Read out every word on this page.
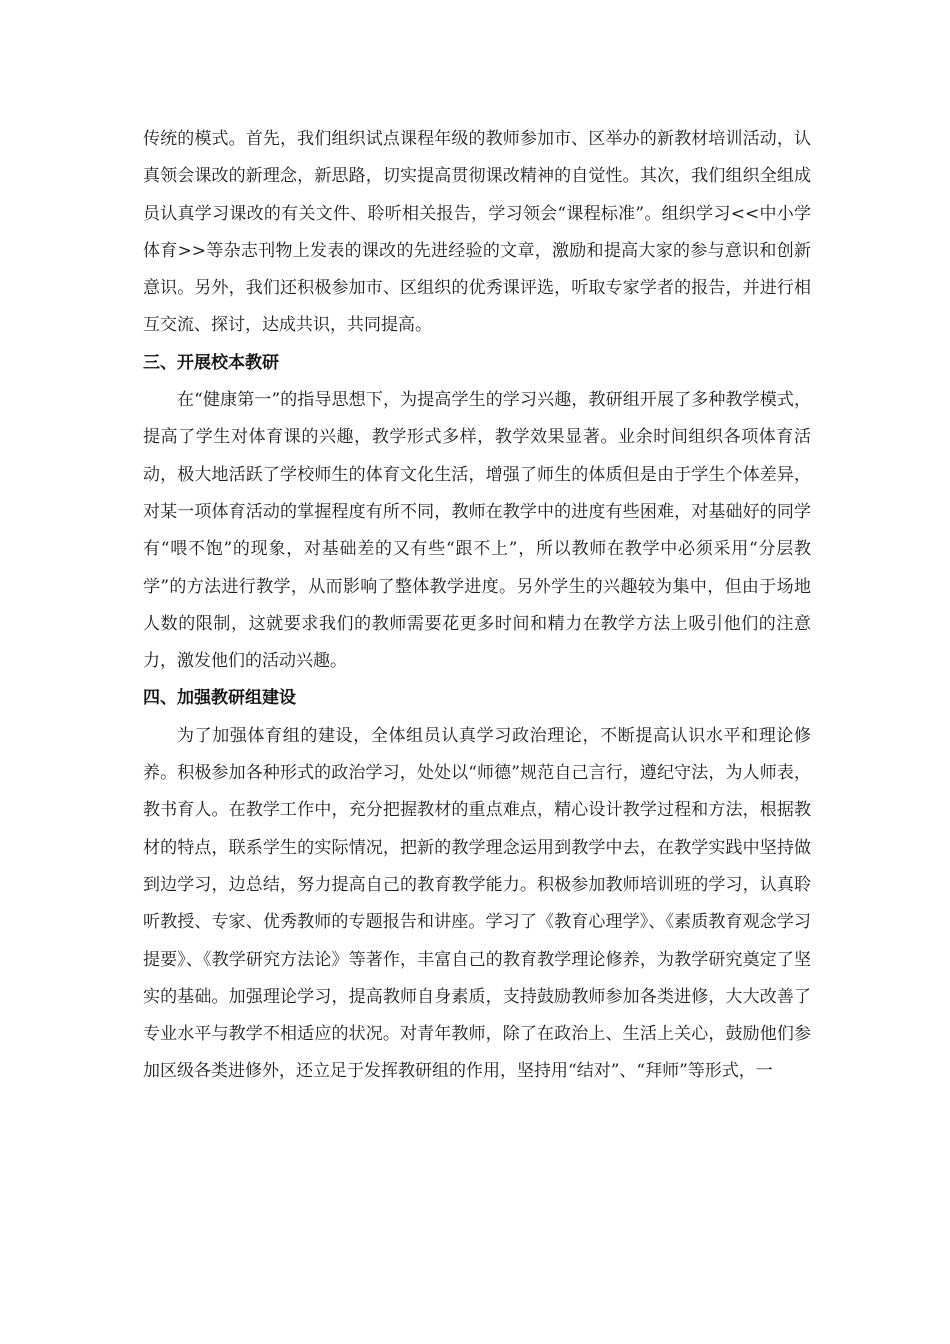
传统的模式。首先，我们组织试点课程年级的教师参加市、区举办的新教材培训活动，认真领会课改的新理念，新思路，切实提高贯彻课改精神的自觉性。其次，我们组织全组成员认真学习课改的有关文件、聆听相关报告，学习领会“课程标准”。组织学习<<中小学体育>>等杂志刊物上发表的课改的先进经验的文章，激励和提高大家的参与意识和创新意识。另外，我们还积极参加市、区组织的优秀课评选，听取专家学者的报告，并进行相互交流、探讨，达成共识，共同提高。

三、开展校本教研

在“健康第一”的指导思想下，为提高学生的学习兴趣，教研组开展了多种教学模式，提高了学生对体育课的兴趣，教学形式多样，教学效果显著。业余时间组织各项体育活动，极大地活跃了学校师生的体育文化生活，增强了师生的体质但是由于学生个体差异，对某一项体育活动的掌握程度有所不同，教师在教学中的进度有些困难，对基础好的同学有“喂不饱”的现象，对基础差的又有些“跟不上”，所以教师在教学中必须采用“分层教学”的方法进行教学，从而影响了整体教学进度。另外学生的兴趣较为集中，但由于场地人数的限制，这就要求我们的教师需要花更多时间和精力在教学方法上吸引他们的注意力，激发他们的活动兴趣。

四、加强教研组建设

为了加强体育组的建设，全体组员认真学习政治理论，不断提高认识水平和理论修养。积极参加各种形式的政治学习，处处以“师德”规范自己言行，遵纪守法，为人师表，教书育人。在教学工作中，充分把握教材的重点难点，精心设计教学过程和方法，根据教材的特点，联系学生的实际情况，把新的教学理念运用到教学中去，在教学实践中坚持做到边学习，边总结，努力提高自己的教育教学能力。积极参加教师培训班的学习，认真聆听教授、专家、优秀教师的专题报告和讲座。学习了《教育心理学》、《素质教育观念学习提要》、《教学研究方法论》等著作，丰富自己的教育教学理论修养，为教学研究奠定了坚实的基础。加强理论学习，提高教师自身素质，支持鼓励教师参加各类进修，大大改善了专业水平与教学不相适应的状况。对青年教师，除了在政治上、生活上关心，鼓励他们参加区级各类进修外，还立足于发挥教研组的作用，坚持用“结对”、“拜师”等形式，一
